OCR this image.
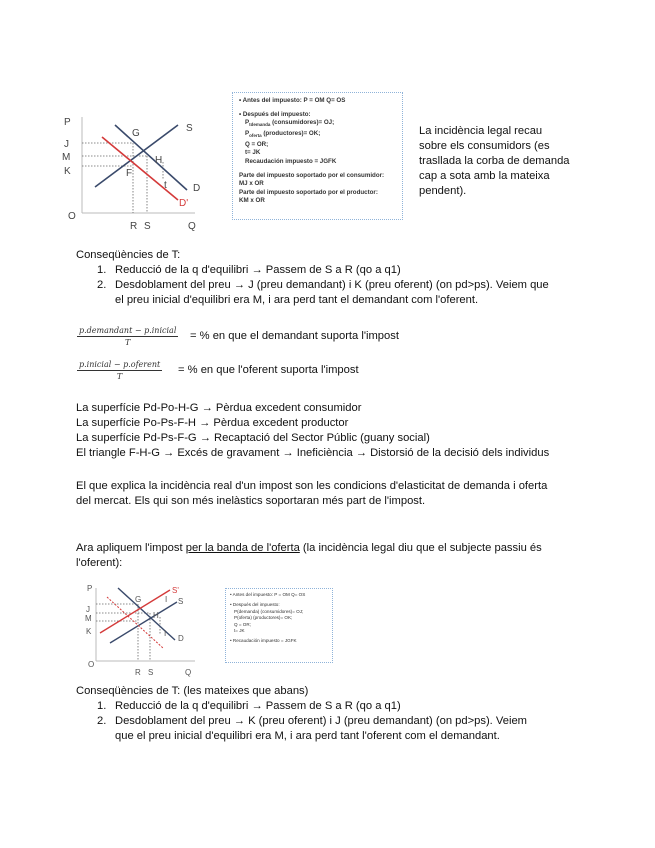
P
J
M
K
O
R S	Q
G
H
F
t
S
D
D'
• Antes del impuesto: P = OM Q= OS
• Después del impuesto:
$P_{tdemanda}$ (consumidores)= OJ;
$P_{oferta}$ (productores)= OK;
Q = OR;
t= JK
Recaudación impuesto = JGFK
Parte del impuesto soportado por el consumidor:
MJ x OR
Parte del impuesto soportado por el productor:
KM x OR
La incidència legal recau
sobre els consumidors (es
trasllada la corba de demanda
cap a sota amb la mateixa
pendent).
Conseqüències de T:
1. Reducció de la q d'equilibri → Passem de S a R (qo a q1)
2. Desdoblament del preu → J (preu demandant) i K (preu oferent) (on pd>ps). Veiem que
el preu inicial d'equilibri era M, i ara perd tant el demandant com l'oferent.
p.demandant − p.inicial
T
= % en que el demandant suporta l'impost
p.inicial − p.oferent
T
= % en que l'oferent suporta l'impost
La superfície Pd-Po-H-G → Pèrdua excedent consumidor
La superfície Po-Ps-F-H → Pèrdua excedent productor
La superfície Pd-Ps-F-G → Recaptació del Sector Públic (guany social)
El triangle F-H-G → Excés de gravament → Ineficiència → Distorsió de la decisió dels individus
El que explica la incidència real d'un impost son les condicions d'elasticitat de demanda i oferta
del mercat. Els qui son més inelàstics soportaran més part de l'impost.
Ara apliquem l'impost per la banda de l'oferta (la incidència legal diu que el subjecte passiu és
l'oferent):
P
J
M
K
O
R S	Q
G
H
I
I
S
S'
D
• Antes del impuesto: P = OM Q= OS
• Después del impuesto:
P(demanda) (consumidores)= OJ;
P(oferta) (productores)= OK;
Q = OR;
t= JK
• Recaudación impuesto = JGFK
Conseqüències de T: (les mateixes que abans)
1. Reducció de la q d'equilibri → Passem de S a R (qo a q1)
2. Desdoblament del preu → K (preu oferent) i J (preu demandant) (on pd>ps). Veiem
que el preu inicial d'equilibri era M, i ara perd tant l'oferent com el demandant.
